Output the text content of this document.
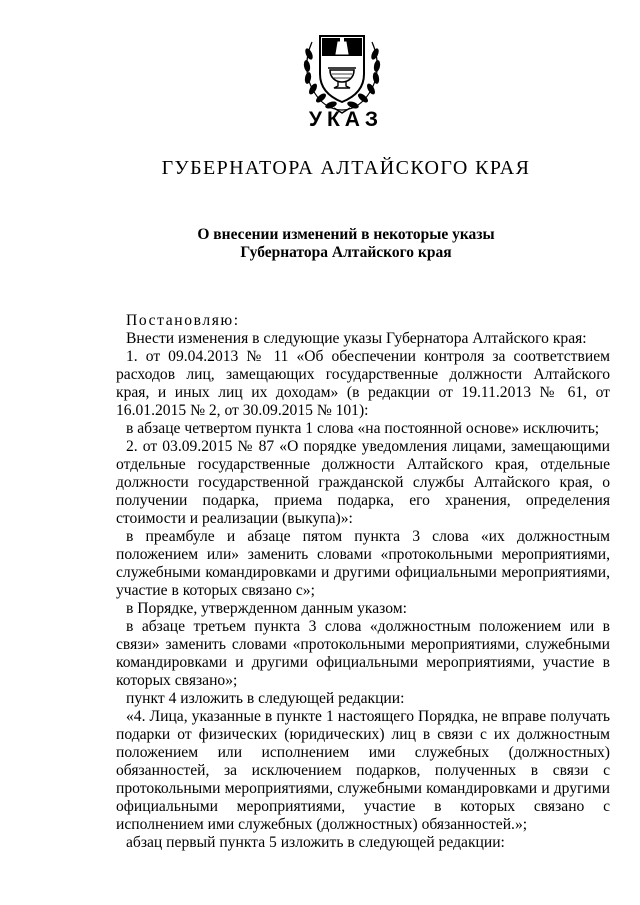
УКАЗ
ГУБЕРНАТОРА АЛТАЙСКОГО КРАЯ
О внесении изменений в некоторые указы
Губернатора Алтайского края

Постановляю:

Внести изменения в следующие указы Губернатора Алтайского края:

1. от 09.04.2013 № 11 «Об обеспечении контроля за соответствием расходов лиц, замещающих государственные должности Алтайского края, и иных лиц их доходам» (в редакции от 19.11.2013 № 61, от 16.01.2015 № 2, от 30.09.2015 № 101):

в абзаце четвертом пункта 1 слова «на постоянной основе» исключить;

2. от 03.09.2015 № 87 «О порядке уведомления лицами, замещающими отдельные государственные должности Алтайского края, отдельные должности государственной гражданской службы Алтайского края, о получении подарка, приема подарка, его хранения, определения стоимости и реализации (выкупа)»:

в преамбуле и абзаце пятом пункта 3 слова «их должностным положением или» заменить словами «протокольными мероприятиями, служебными командировками и другими официальными мероприятиями, участие в которых связано с»;

в Порядке, утвержденном данным указом:

в абзаце третьем пункта 3 слова «должностным положением или в связи» заменить словами «протокольными мероприятиями, служебными командировками и другими официальными мероприятиями, участие в которых связано»;

пункт 4 изложить в следующей редакции:

«4. Лица, указанные в пункте 1 настоящего Порядка, не вправе получать подарки от физических (юридических) лиц в связи с их должностным положением или исполнением ими служебных (должностных) обязанностей, за исключением подарков, полученных в связи с протокольными мероприятиями, служебными командировками и другими официальными мероприятиями, участие в которых связано с исполнением ими служебных (должностных) обязанностей.»;

абзац первый пункта 5 изложить в следующей редакции:
